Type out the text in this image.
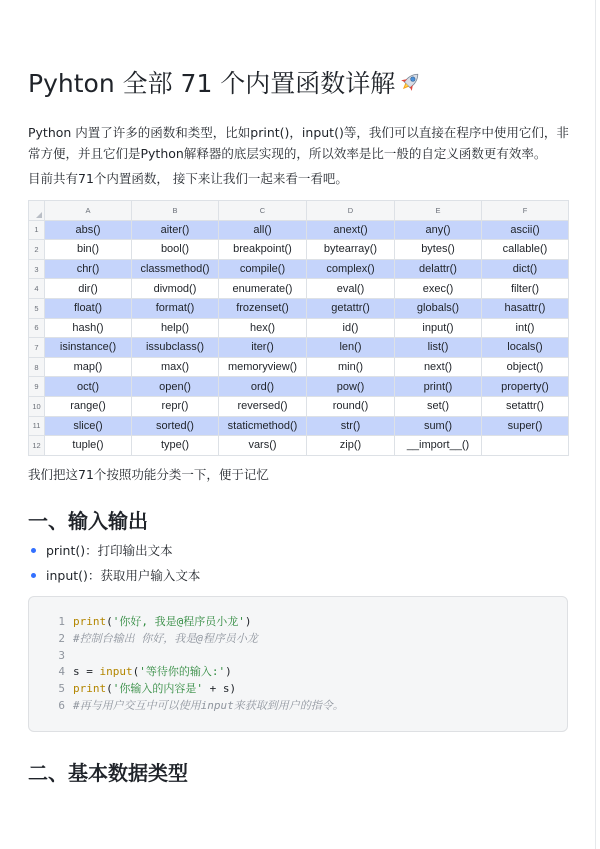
Pyhton 全部 71 个内置函数详解

Python 内置了许多的函数和类型，比如print()，input()等，我们可以直接在程序中使用它们，非常方便，并且它们是Python解释器的底层实现的，所以效率是比一般的自定义函数更有效率。

目前共有71个内置函数， 接下来让我们一起来看一看吧。

	A	B	C	D	E	F
1	abs()	aiter()	all()	anext()	any()	ascii()
2	bin()	bool()	breakpoint()	bytearray()	bytes()	callable()
3	chr()	classmethod()	compile()	complex()	delattr()	dict()
4	dir()	divmod()	enumerate()	eval()	exec()	filter()
5	float()	format()	frozenset()	getattr()	globals()	hasattr()
6	hash()	help()	hex()	id()	input()	int()
7	isinstance()	issubclass()	iter()	len()	list()	locals()
8	map()	max()	memoryview()	min()	next()	object()
9	oct()	open()	ord()	pow()	print()	property()
10	range()	repr()	reversed()	round()	set()	setattr()
11	slice()	sorted()	staticmethod()	str()	sum()	super()
12	tuple()	type()	vars()	zip()	__import__()	

我们把这71个按照功能分类一下，便于记忆

一、输入输出
print()：打印输出文本
input()：获取用户输入文本
1 print('你好, 我是@程序员小龙')
2 #控制台输出 你好，我是@程序员小龙
3
4 s = input('等待你的输入:')
5 print('你输入的内容是' + s)
6 #再与用户交互中可以使用input来获取到用户的指令。
二、基本数据类型
